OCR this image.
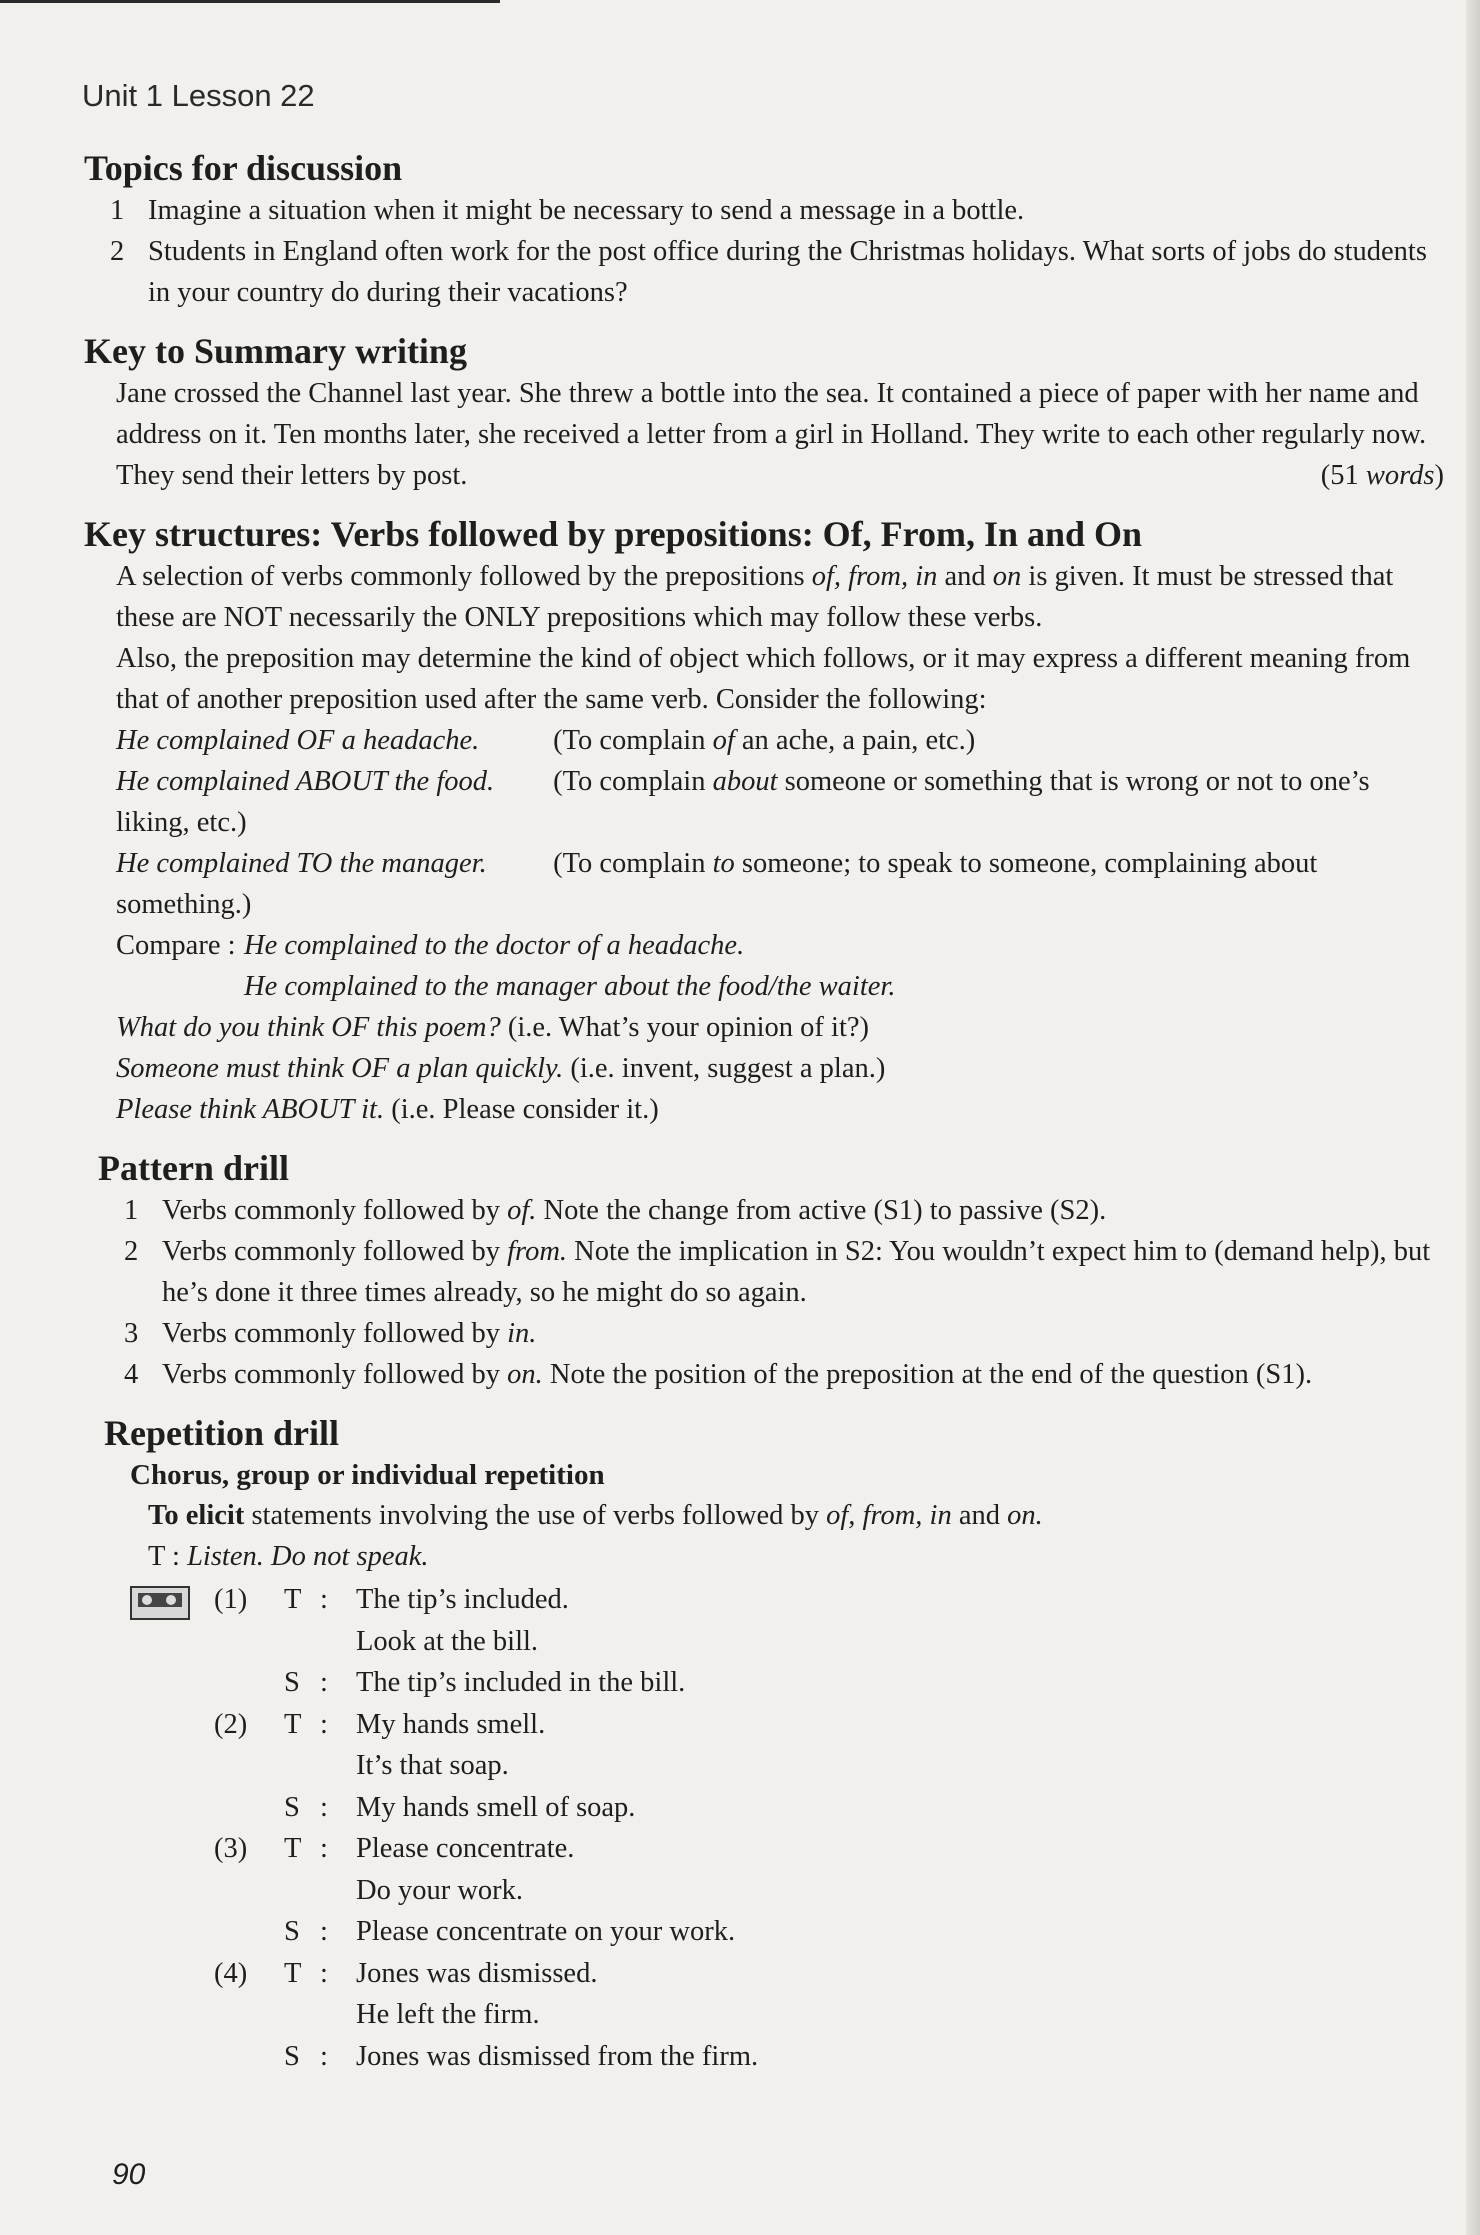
Unit 1 Lesson 22
Topics for discussion
1 Imagine a situation when it might be necessary to send a message in a bottle.
2 Students in England often work for the post office during the Christmas holidays. What sorts of jobs do students in your country do during their vacations?
Key to Summary writing
Jane crossed the Channel last year. She threw a bottle into the sea. It contained a piece of paper with her name and address on it. Ten months later, she received a letter from a girl in Holland. They write to each other regularly now. They send their letters by post.	(51 words)
Key structures: Verbs followed by prepositions: Of, From, In and On
A selection of verbs commonly followed by the prepositions of, from, in and on is given. It must be stressed that these are NOT necessarily the ONLY prepositions which may follow these verbs.
Also, the preposition may determine the kind of object which follows, or it may express a different meaning from that of another preposition used after the same verb. Consider the following:
He complained OF a headache.	(To complain of an ache, a pain, etc.)
He complained ABOUT the food. (To complain about someone or something that is wrong or not to one’s liking, etc.)
He complained TO the manager. (To complain to someone; to speak to someone, complaining about something.)
Compare : He complained to the doctor of a headache.
He complained to the manager about the food/the waiter.
What do you think OF this poem? (i.e. What’s your opinion of it?)
Someone must think OF a plan quickly. (i.e. invent, suggest a plan.)
Please think ABOUT it. (i.e. Please consider it.)
Pattern drill
1 Verbs commonly followed by of. Note the change from active (S1) to passive (S2).
2 Verbs commonly followed by from. Note the implication in S2: You wouldn’t expect him to (demand help), but he’s done it three times already, so he might do so again.
3 Verbs commonly followed by in.
4 Verbs commonly followed by on. Note the position of the preposition at the end of the question (S1).
Repetition drill
Chorus, group or individual repetition
To elicit statements involving the use of verbs followed by of, from, in and on.
T : Listen. Do not speak.
(1)	T : The tip’s included.
Look at the bill.
S : The tip’s included in the bill.
(2)	T : My hands smell.
It’s that soap.
S : My hands smell of soap.
(3)	T : Please concentrate.
Do your work.
S : Please concentrate on your work.
(4)	T : Jones was dismissed.
He left the firm.
S : Jones was dismissed from the firm.
90
